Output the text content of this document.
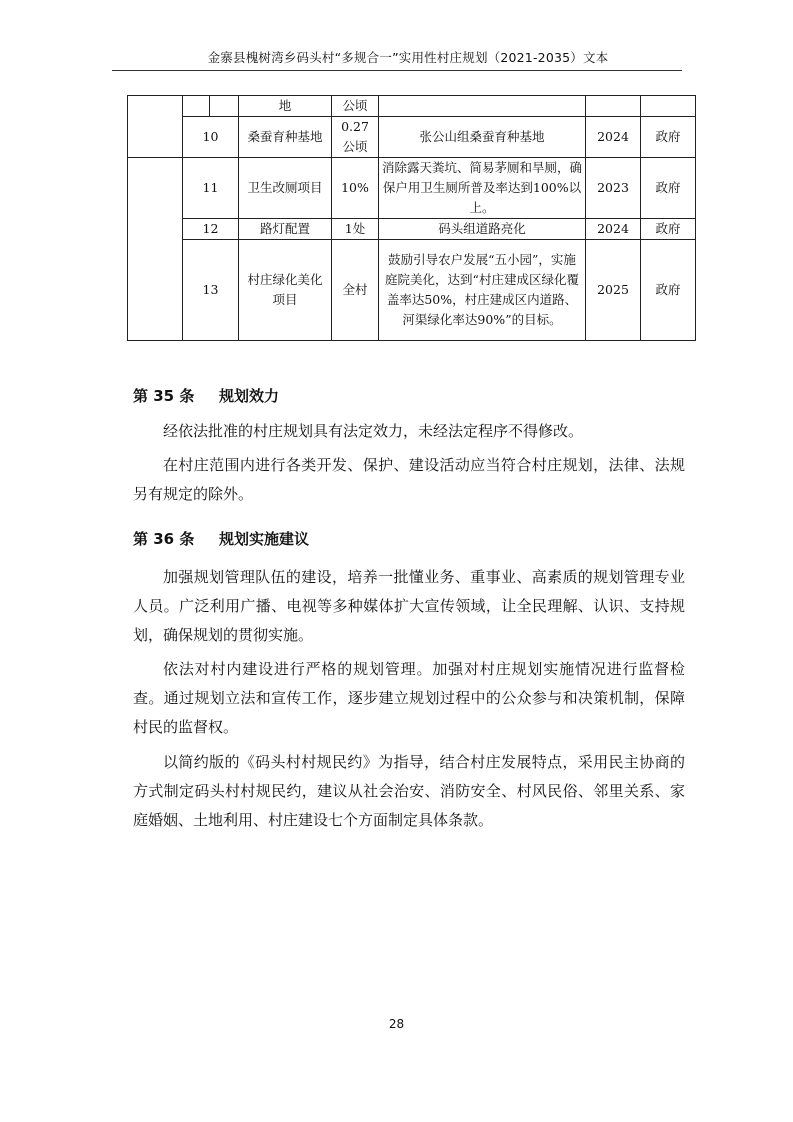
金寨县槐树湾乡码头村“多规合一”实用性村庄规划（2021-2035）文本
			地	公顷			
	10		桑蚕育种基地	0.27公顷	张公山组桑蚕育种基地	2024	政府
	11		卫生改厕项目	10%	消除露天粪坑、简易茅厕和旱厕，确保户用卫生厕所普及率达到100%以上。	2023	政府
	12		路灯配置	1处	码头组道路亮化	2024	政府
	13		村庄绿化美化项目	全村	鼓励引导农户发展“五小园”，实施庭院美化，达到“村庄建成区绿化覆盖率达50%，村庄建成区内道路、河渠绿化率达90%”的目标。	2025	政府
第 35 条 规划效力
经依法批准的村庄规划具有法定效力，未经法定程序不得修改。
在村庄范围内进行各类开发、保护、建设活动应当符合村庄规划，法律、法规另有规定的除外。
第 36 条 规划实施建议
加强规划管理队伍的建设，培养一批懂业务、重事业、高素质的规划管理专业人员。广泛利用广播、电视等多种媒体扩大宣传领域，让全民理解、认识、支持规划，确保规划的贯彻实施。
依法对村内建设进行严格的规划管理。加强对村庄规划实施情况进行监督检查。通过规划立法和宣传工作，逐步建立规划过程中的公众参与和决策机制，保障村民的监督权。
以简约版的《码头村村规民约》为指导，结合村庄发展特点，采用民主协商的方式制定码头村村规民约，建议从社会治安、消防安全、村风民俗、邻里关系、家庭婚姻、土地利用、村庄建设七个方面制定具体条款。
28
